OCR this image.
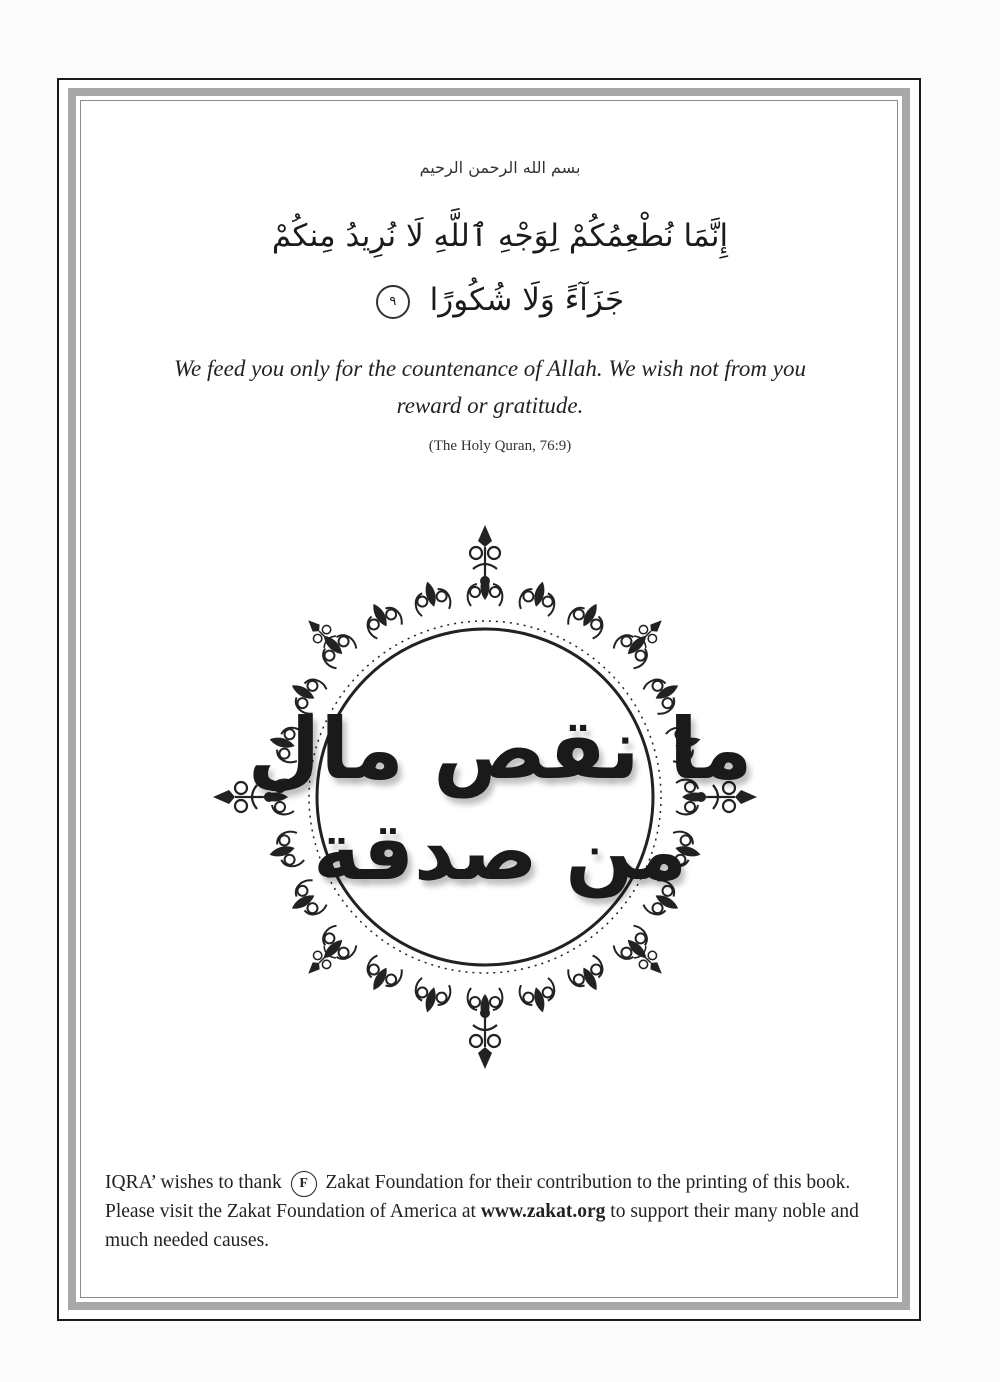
بسم الله الرحمن الرحيم
إِنَّمَا نُطْعِمُكُمْ لِوَجْهِ ٱللَّهِ لَا نُرِيدُ مِنكُمْ
جَزَآءً وَلَا شُكُورًا ٩
We feed you only for the countenance of Allah. We wish not from you reward or gratitude.
(The Holy Quran, 76:9)
ما نقص مال
من صدقة
IQRA’ wishes to thank F Zakat Foundation for their contribution to the printing of this book. Please visit the Zakat Foundation of America at www.zakat.org to support their many noble and much needed causes.
